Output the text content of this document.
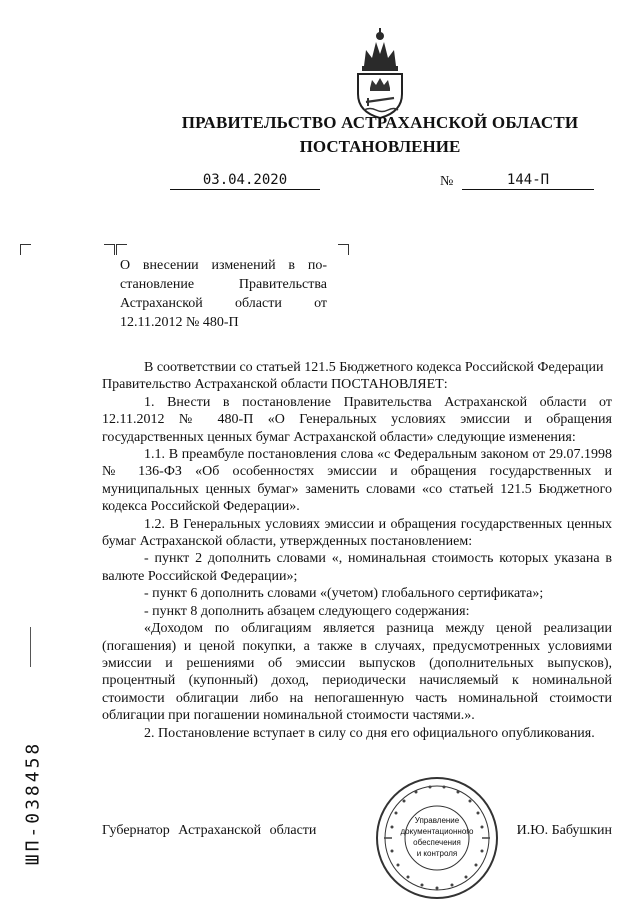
ПРАВИТЕЛЬСТВО АСТРАХАНСКОЙ ОБЛАСТИ
ПОСТАНОВЛЕНИЕ
03.04.2020	№	144-П

О внесении изменений в по-

становление Правительства

Астраханской области от

12.11.2012 № 480-П

В соответствии со статьей 121.5 Бюджетного кодекса Российской Федерации

Правительство Астраханской области ПОСТАНОВЛЯЕТ:

1. Внести в постановление Правительства Астраханской области от 12.11.2012 № 480-П «О Генеральных условиях эмиссии и обращения государственных ценных бумаг Астраханской области» следующие изменения:

1.1. В преамбуле постановления слова «с Федеральным законом от 29.07.1998 № 136-ФЗ «Об особенностях эмиссии и обращения государственных и муниципальных ценных бумаг» заменить словами «со статьей 121.5 Бюджетного кодекса Российской Федерации».

1.2. В Генеральных условиях эмиссии и обращения государственных ценных бумаг Астраханской области, утвержденных постановлением:

- пункт 2 дополнить словами «, номинальная стоимость которых указана в валюте Российской Федерации»;

- пункт 6 дополнить словами «(учетом) глобального сертификата»;

- пункт 8 дополнить абзацем следующего содержания:

«Доходом по облигациям является разница между ценой реализации (погашения) и ценой покупки, а также в случаях, предусмотренных условиями эмиссии и решениями об эмиссии выпусков (дополнительных выпусков), процентный (купонный) доход, периодически начисляемый к номинальной стоимости облигации либо на непогашенную часть номинальной стоимости облигации при погашении номинальной стоимости частями.».

2. Постановление вступает в силу со дня его официального опубликования.

Управление
документационного
обеспечения
и контроля
Губернатор Астраханской области	И.Ю. Бабушкин
ШП-038458
